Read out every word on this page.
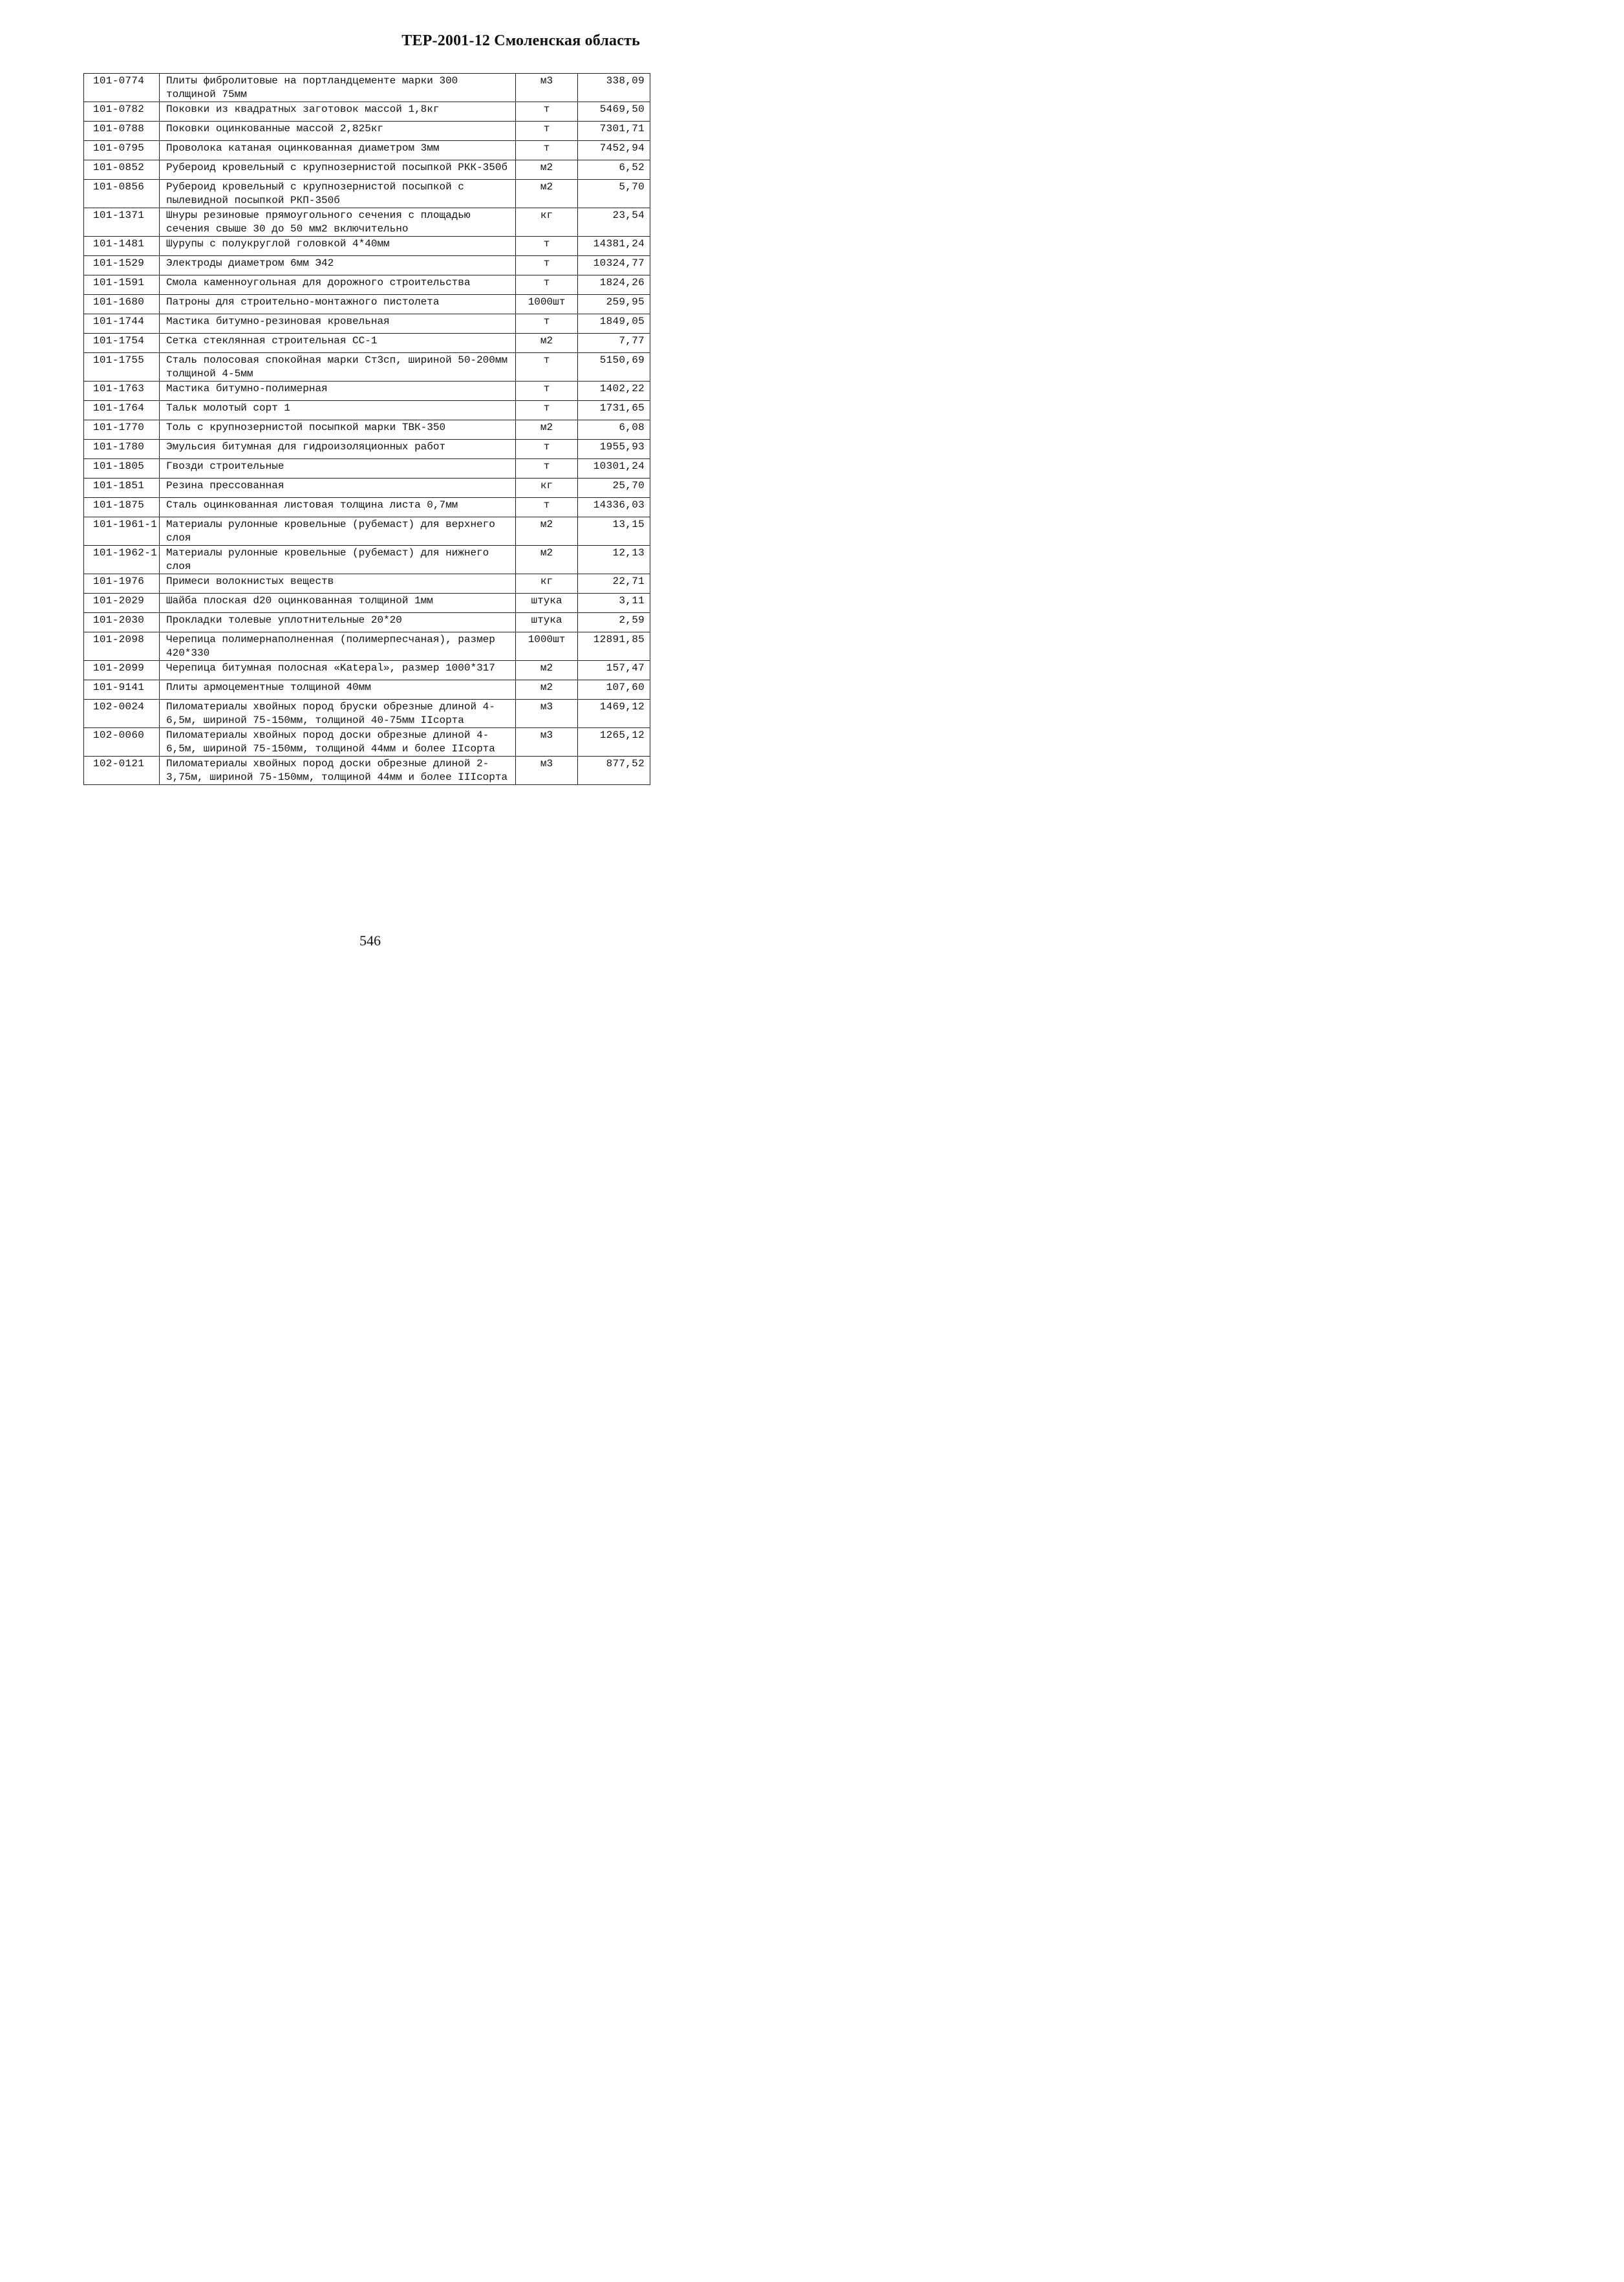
ТЕР-2001-12 Смоленская область
101-0774	Плиты фибролитовые на портландцементе марки 300 толщиной 75мм	м3	338,09
101-0782	Поковки из квадратных заготовок массой 1,8кг	т	5469,50
101-0788	Поковки оцинкованные массой 2,825кг	т	7301,71
101-0795	Проволока катаная оцинкованная диаметром 3мм	т	7452,94
101-0852	Рубероид кровельный с крупнозернистой посыпкой РКК-350б	м2	6,52
101-0856	Рубероид кровельный с крупнозернистой посыпкой с пылевидной посыпкой РКП-350б	м2	5,70
101-1371	Шнуры резиновые прямоугольного сечения с площадью сечения свыше 30 до 50 мм2 включительно	кг	23,54
101-1481	Шурупы с полукруглой головкой 4*40мм	т	14381,24
101-1529	Электроды диаметром 6мм Э42	т	10324,77
101-1591	Смола каменноугольная для дорожного строительства	т	1824,26
101-1680	Патроны для строительно-монтажного пистолета	1000шт	259,95
101-1744	Мастика битумно-резиновая кровельная	т	1849,05
101-1754	Сетка стеклянная строительная СС-1	м2	7,77
101-1755	Сталь полосовая спокойная марки Ст3сп, шириной 50-200мм толщиной 4-5мм	т	5150,69
101-1763	Мастика битумно-полимерная	т	1402,22
101-1764	Тальк молотый сорт 1	т	1731,65
101-1770	Толь с крупнозернистой посыпкой марки ТВК-350	м2	6,08
101-1780	Эмульсия битумная для гидроизоляционных работ	т	1955,93
101-1805	Гвозди строительные	т	10301,24
101-1851	Резина прессованная	кг	25,70
101-1875	Сталь оцинкованная листовая толщина листа 0,7мм	т	14336,03
101-1961-1	Материалы рулонные кровельные (рубемаст) для верхнего слоя	м2	13,15
101-1962-1	Материалы рулонные кровельные (рубемаст) для нижнего слоя	м2	12,13
101-1976	Примеси волокнистых веществ	кг	22,71
101-2029	Шайба плоская d20 оцинкованная толщиной 1мм	штука	3,11
101-2030	Прокладки толевые уплотнительные 20*20	штука	2,59
101-2098	Черепица полимернаполненная (полимерпесчаная), размер 420*330	1000шт	12891,85
101-2099	Черепица битумная полосная «Katepal», размер 1000*317	м2	157,47
101-9141	Плиты армоцементные толщиной 40мм	м2	107,60
102-0024	Пиломатериалы хвойных пород бруски обрезные длиной 4-6,5м, шириной 75-150мм, толщиной 40-75мм IIсорта	м3	1469,12
102-0060	Пиломатериалы хвойных пород доски обрезные длиной 4-6,5м, шириной 75-150мм, толщиной 44мм и более IIсорта	м3	1265,12
102-0121	Пиломатериалы хвойных пород доски обрезные длиной 2-3,75м, шириной 75-150мм, толщиной 44мм и более IIIсорта	м3	877,52
546
